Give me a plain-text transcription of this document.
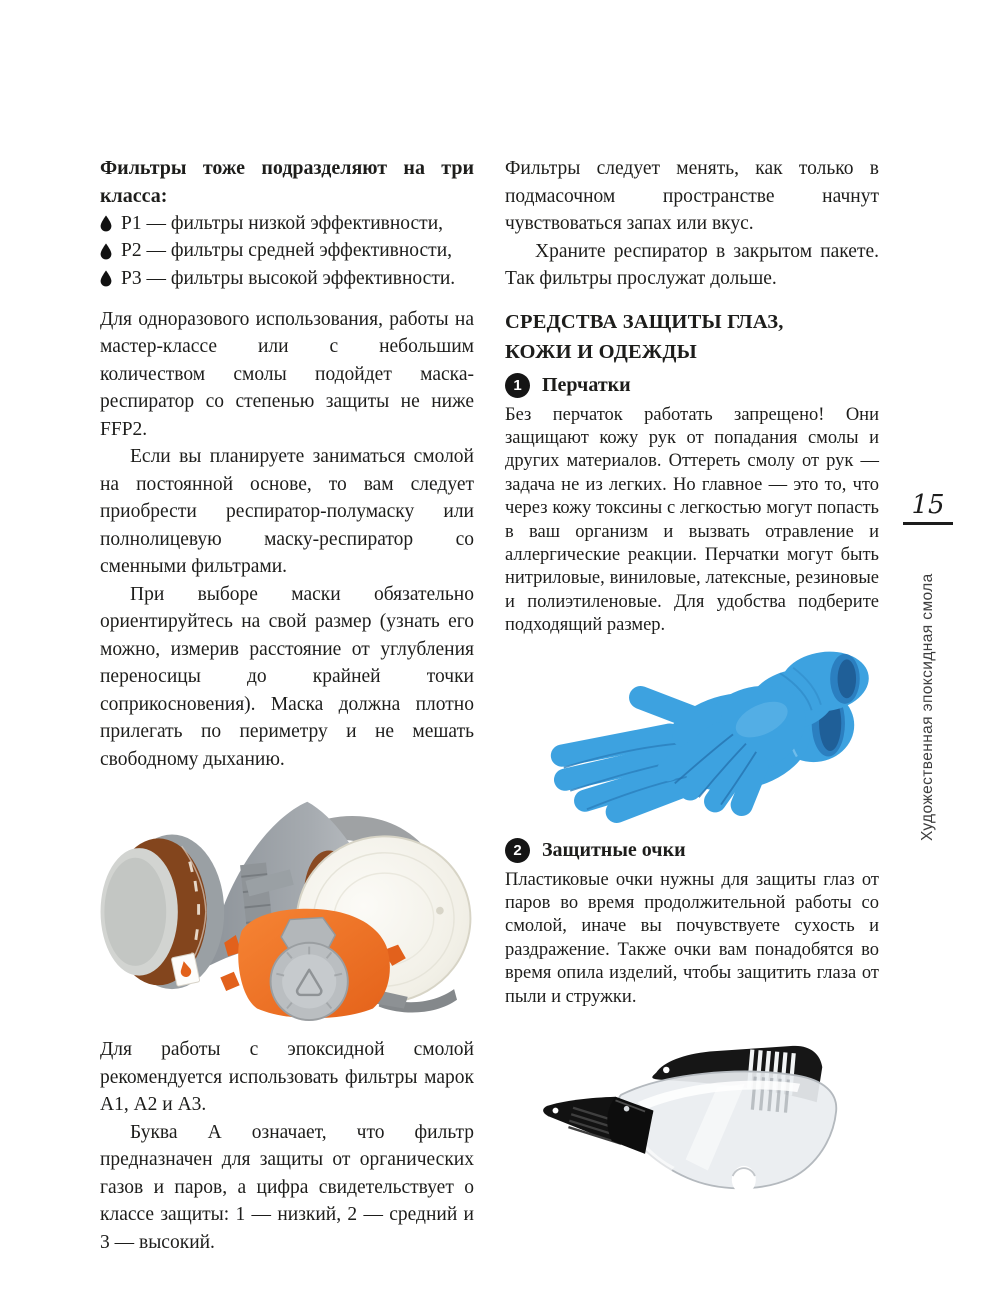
Фильтры тоже подразделяют на три класса:

P1 — фильтры низкой эффективности,
P2 — фильтры средней эффективности,
P3 — фильтры высокой эффективности.

Для одноразового использования, работы на мастер-классе или с небольшим количеством смолы подойдет маска-респиратор со степенью защиты не ниже FFP2.

Если вы планируете заниматься смолой на постоянной основе, то вам следует приобрести респиратор-полумаску или полнолицевую маску-респиратор со сменными фильтрами.

При выборе маски обязательно ориентируйтесь на свой размер (узнать его можно, измерив расстояние от углубления переносицы до крайней точки соприкосновения). Маска должна плотно прилегать по периметру и не мешать свободному дыханию.

Для работы с эпоксидной смолой рекомендуется использовать фильтры марок А1, А2 и А3.

Буква А означает, что фильтр предназначен для защиты от органических газов и паров, а цифра свидетельствует о классе защиты: 1 — низкий, 2 — средний и 3 — высокий.

Фильтры следует менять, как только в подмасочном пространстве начнут чувствоваться запах или вкус.

Храните респиратор в закрытом пакете. Так фильтры прослужат дольше.

СРЕДСТВА ЗАЩИТЫ ГЛАЗ,
КОЖИ И ОДЕЖДЫ
1	Перчатки

Без перчаток работать запрещено! Они защищают кожу рук от попадания смолы и других материалов. Оттереть смолу от рук — задача не из легких. Но главное — это то, что через кожу токсины с легкостью могут попасть в ваш организм и вызвать отравление и аллергические реакции. Перчатки могут быть нитриловые, виниловые, латексные, резиновые и полиэтиленовые. Для удобства подберите подходящий размер.

2	Защитные очки

Пластиковые очки нужны для защиты глаз от паров во время продолжительной работы со смолой, иначе вы почувствуете сухость и раздражение. Также очки вам понадобятся во время опила изделий, чтобы защитить глаза от пыли и стружки.

15
Художественная эпоксидная смола
